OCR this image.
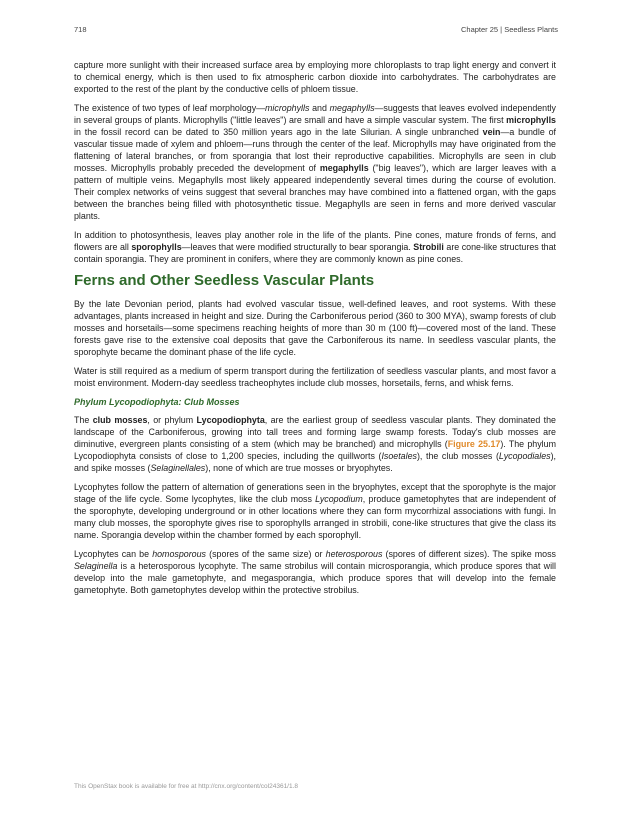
718	Chapter 25 | Seedless Plants

capture more sunlight with their increased surface area by employing more chloroplasts to trap light energy and convert it to chemical energy, which is then used to fix atmospheric carbon dioxide into carbohydrates. The carbohydrates are exported to the rest of the plant by the conductive cells of phloem tissue.

The existence of two types of leaf morphology—microphylls and megaphylls—suggests that leaves evolved independently in several groups of plants. Microphylls ("little leaves") are small and have a simple vascular system. The first microphylls in the fossil record can be dated to 350 million years ago in the late Silurian. A single unbranched vein—a bundle of vascular tissue made of xylem and phloem—runs through the center of the leaf. Microphylls may have originated from the flattening of lateral branches, or from sporangia that lost their reproductive capabilities. Microphylls are seen in club mosses. Microphylls probably preceded the development of megaphylls ("big leaves"), which are larger leaves with a pattern of multiple veins. Megaphylls most likely appeared independently several times during the course of evolution. Their complex networks of veins suggest that several branches may have combined into a flattened organ, with the gaps between the branches being filled with photosynthetic tissue. Megaphylls are seen in ferns and more derived vascular plants.

In addition to photosynthesis, leaves play another role in the life of the plants. Pine cones, mature fronds of ferns, and flowers are all sporophylls—leaves that were modified structurally to bear sporangia. Strobili are cone-like structures that contain sporangia. They are prominent in conifers, where they are commonly known as pine cones.

Ferns and Other Seedless Vascular Plants

By the late Devonian period, plants had evolved vascular tissue, well-defined leaves, and root systems. With these advantages, plants increased in height and size. During the Carboniferous period (360 to 300 MYA), swamp forests of club mosses and horsetails—some specimens reaching heights of more than 30 m (100 ft)—covered most of the land. These forests gave rise to the extensive coal deposits that gave the Carboniferous its name. In seedless vascular plants, the sporophyte became the dominant phase of the life cycle.

Water is still required as a medium of sperm transport during the fertilization of seedless vascular plants, and most favor a moist environment. Modern-day seedless tracheophytes include club mosses, horsetails, ferns, and whisk ferns.

Phylum Lycopodiophyta: Club Mosses

The club mosses, or phylum Lycopodiophyta, are the earliest group of seedless vascular plants. They dominated the landscape of the Carboniferous, growing into tall trees and forming large swamp forests. Today's club mosses are diminutive, evergreen plants consisting of a stem (which may be branched) and microphylls (Figure 25.17). The phylum Lycopodiophyta consists of close to 1,200 species, including the quillworts (Isoetales), the club mosses (Lycopodiales), and spike mosses (Selaginellales), none of which are true mosses or bryophytes.

Lycophytes follow the pattern of alternation of generations seen in the bryophytes, except that the sporophyte is the major stage of the life cycle. Some lycophytes, like the club moss Lycopodium, produce gametophytes that are independent of the sporophyte, developing underground or in other locations where they can form mycorrhizal associations with fungi. In many club mosses, the sporophyte gives rise to sporophylls arranged in strobili, cone-like structures that give the class its name. Sporangia develop within the chamber formed by each sporophyll.

Lycophytes can be homosporous (spores of the same size) or heterosporous (spores of different sizes). The spike moss Selaginella is a heterosporous lycophyte. The same strobilus will contain microsporangia, which produce spores that will develop into the male gametophyte, and megasporangia, which produce spores that will develop into the female gametophyte. Both gametophytes develop within the protective strobilus.

This OpenStax book is available for free at http://cnx.org/content/col24361/1.8
